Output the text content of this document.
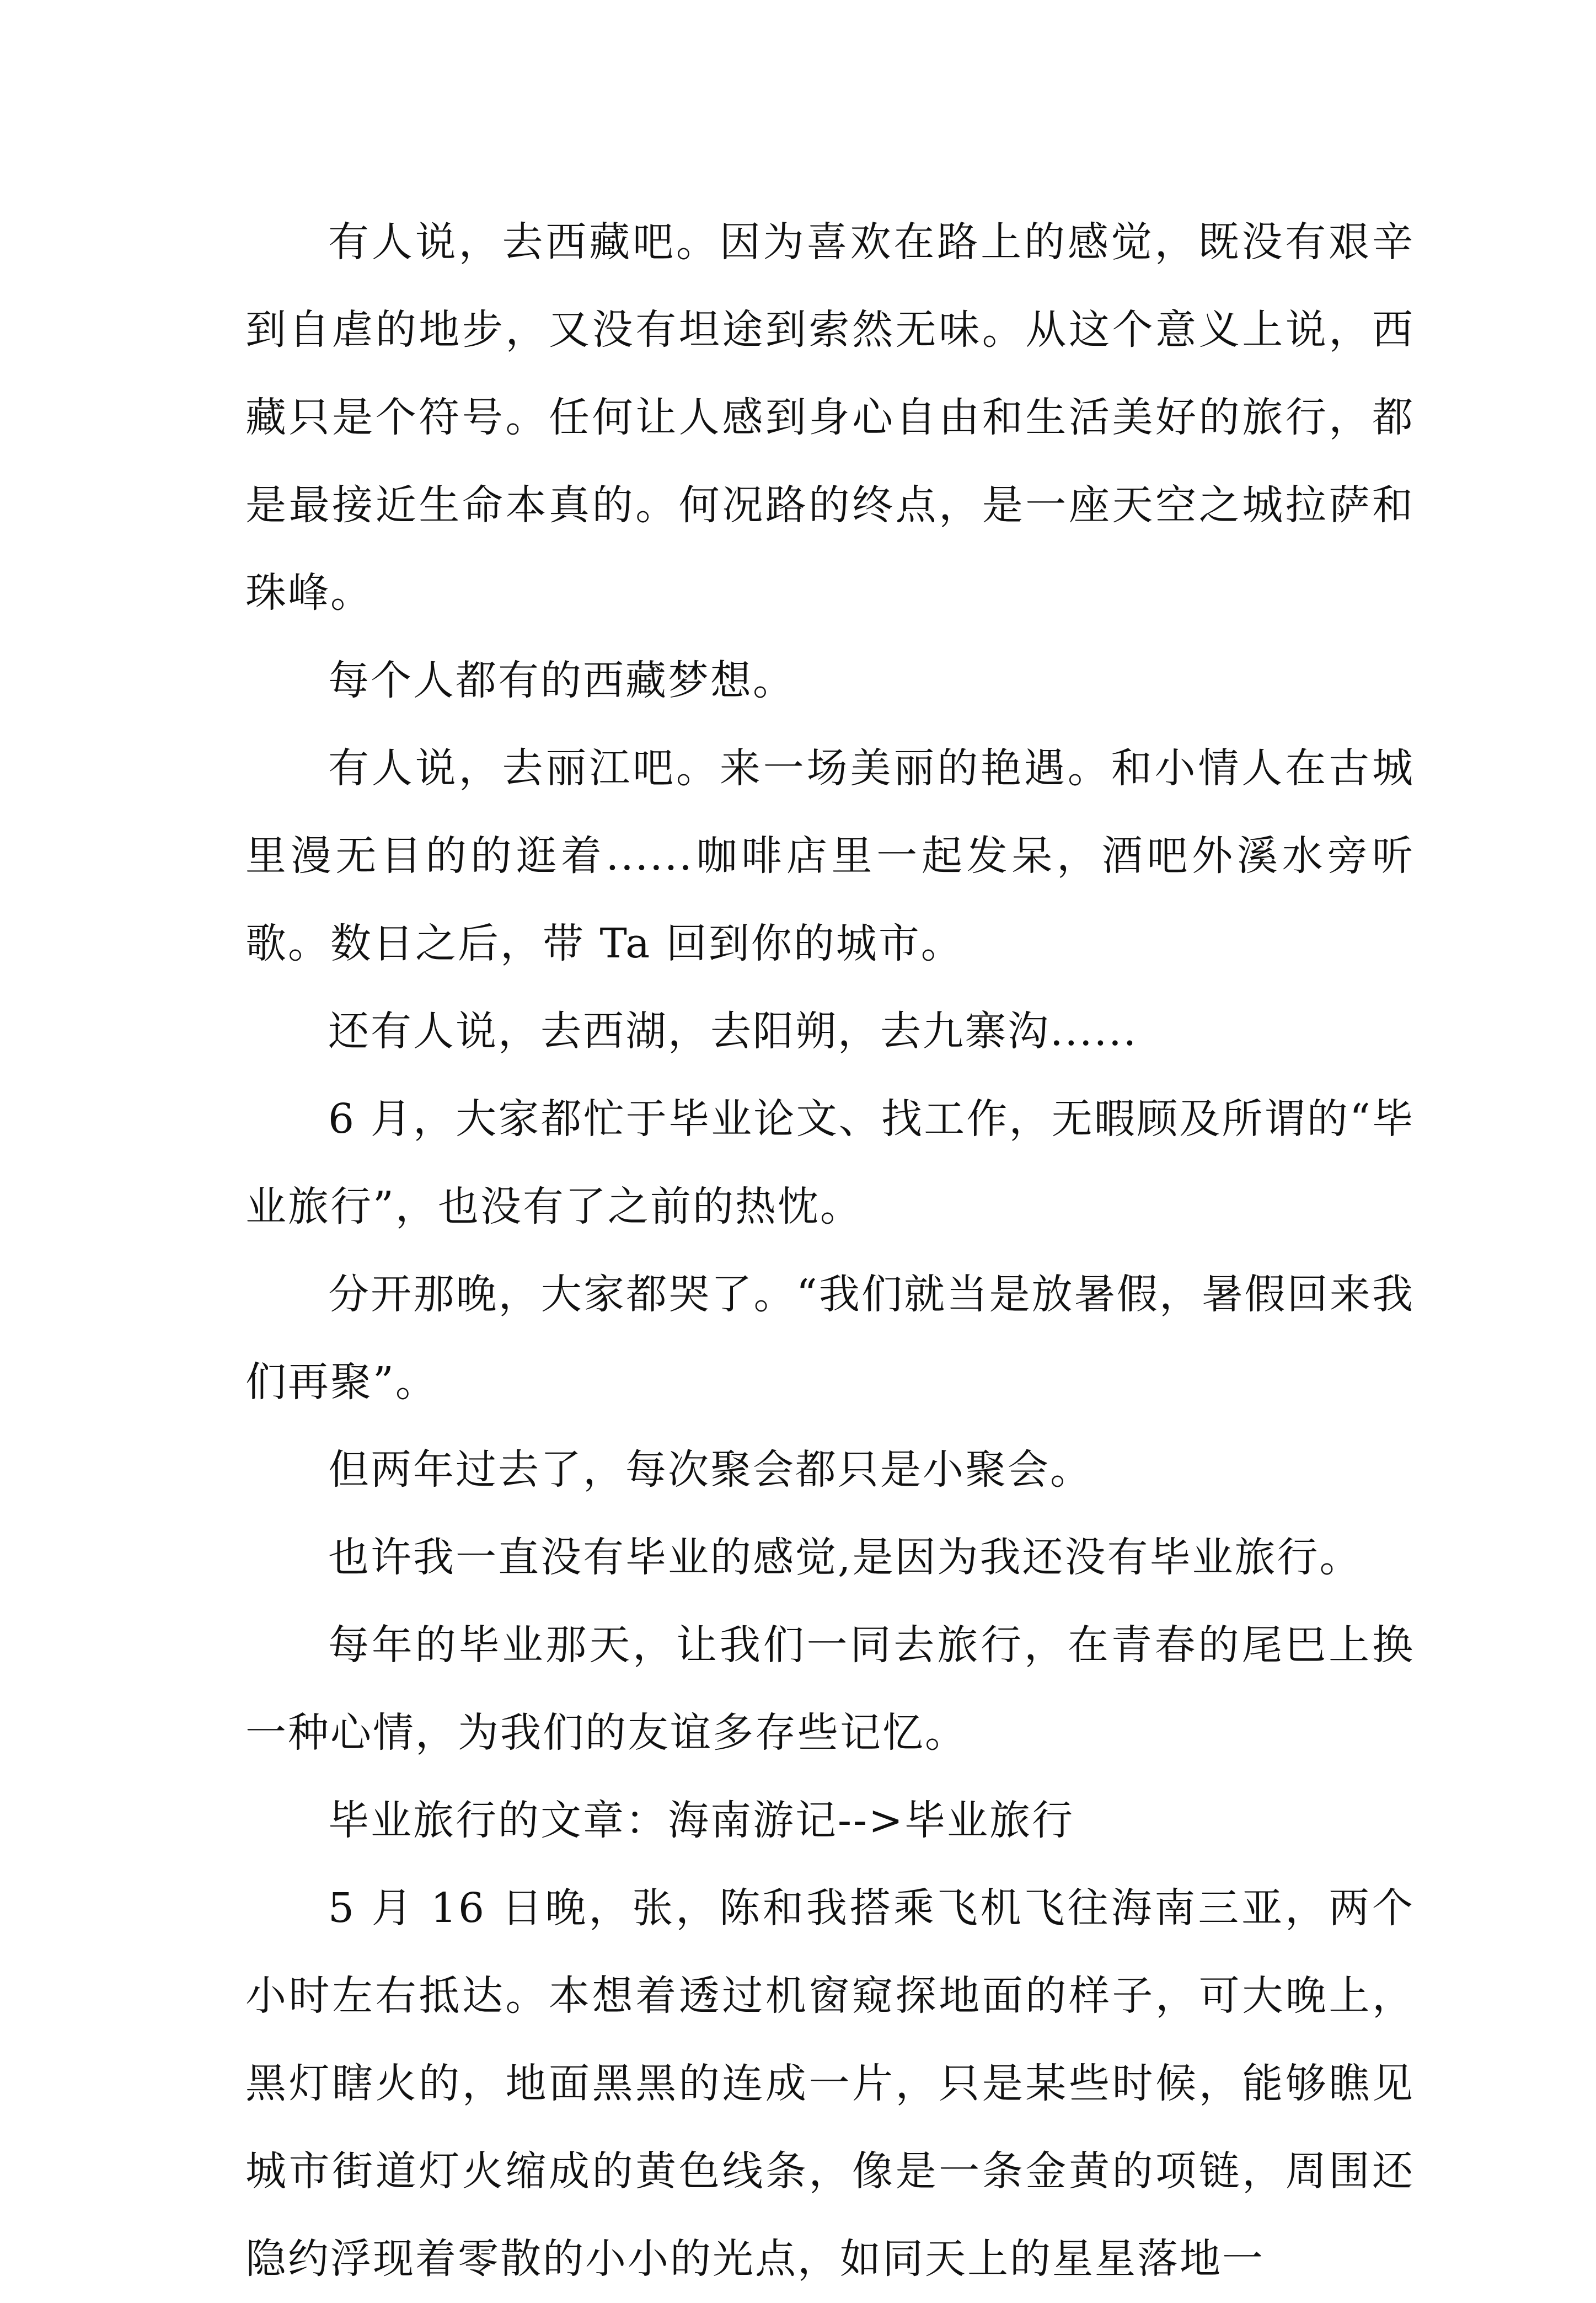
有人说，去西藏吧。因为喜欢在路上的感觉，既没有艰辛到自虐的地步，又没有坦途到索然无味。从这个意义上说，西藏只是个符号。任何让人感到身心自由和生活美好的旅行，都是最接近生命本真的。何况路的终点，是一座天空之城拉萨和珠峰。

每个人都有的西藏梦想。

有人说，去丽江吧。来一场美丽的艳遇。和小情人在古城里漫无目的的逛着......咖啡店里一起发呆，酒吧外溪水旁听歌。数日之后，带 Ta 回到你的城市。

还有人说，去西湖，去阳朔，去九寨沟......

6 月，大家都忙于毕业论文、找工作，无暇顾及所谓的“毕业旅行”，也没有了之前的热忱。

分开那晚，大家都哭了。“我们就当是放暑假，暑假回来我们再聚”。

但两年过去了，每次聚会都只是小聚会。

也许我一直没有毕业的感觉,是因为我还没有毕业旅行。

每年的毕业那天，让我们一同去旅行，在青春的尾巴上换一种心情，为我们的友谊多存些记忆。

毕业旅行的文章：海南游记-->毕业旅行

5 月 16 日晚，张，陈和我搭乘飞机飞往海南三亚，两个小时左右抵达。本想着透过机窗窥探地面的样子，可大晚上，黑灯瞎火的，地面黑黑的连成一片，只是某些时候，能够瞧见城市街道灯火缩成的黄色线条，像是一条金黄的项链，周围还隐约浮现着零散的小小的光点，如同天上的星星落地一
